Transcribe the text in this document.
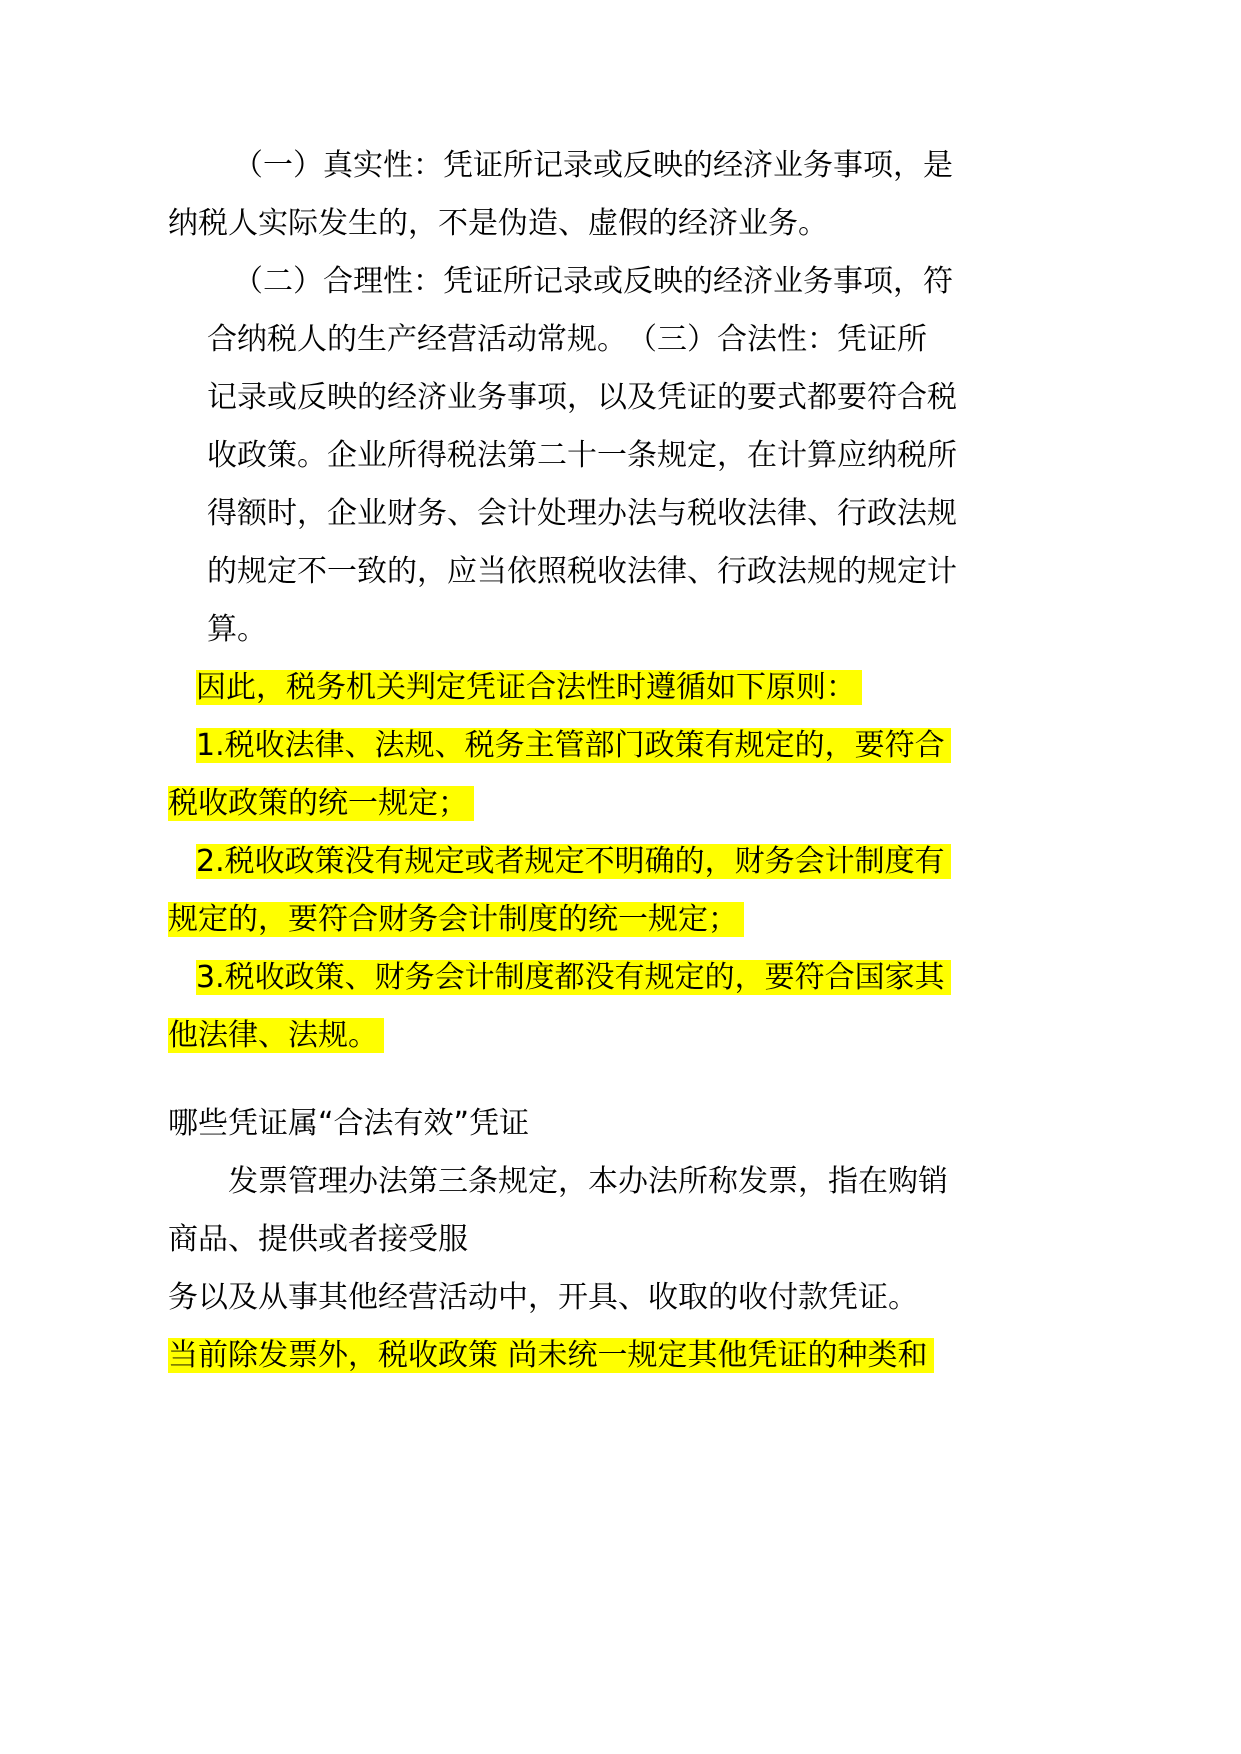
（一）真实性：凭证所记录或反映的经济业务事项，是
纳税人实际发生的，不是伪造、虚假的经济业务。
（二）合理性：凭证所记录或反映的经济业务事项，符
合纳税人的生产经营活动常规。　（三）合法性：凭证所
记录或反映的经济业务事项，以及凭证的要式都要符合税
收政策。企业所得税法第二十一条规定，在计算应纳税所
得额时，企业财务、会计处理办法与税收法律、行政法规
的规定不一致的，应当依照税收法律、行政法规的规定计
算。
因此，税务机关判定凭证合法性时遵循如下原则：
1.税收法律、法规、税务主管部门政策有规定的，要符合
税收政策的统一规定；
2.税收政策没有规定或者规定不明确的，财务会计制度有
规定的，要符合财务会计制度的统一规定；
3.税收政策、财务会计制度都没有规定的，要符合国家其
他法律、法规。
哪些凭证属“合法有效”凭证
发票管理办法第三条规定，本办法所称发票，指在购销
商品、提供或者接受服
务以及从事其他经营活动中，开具、收取的收付款凭证。
当前除发票外，税收政策 尚未统一规定其他凭证的种类和
